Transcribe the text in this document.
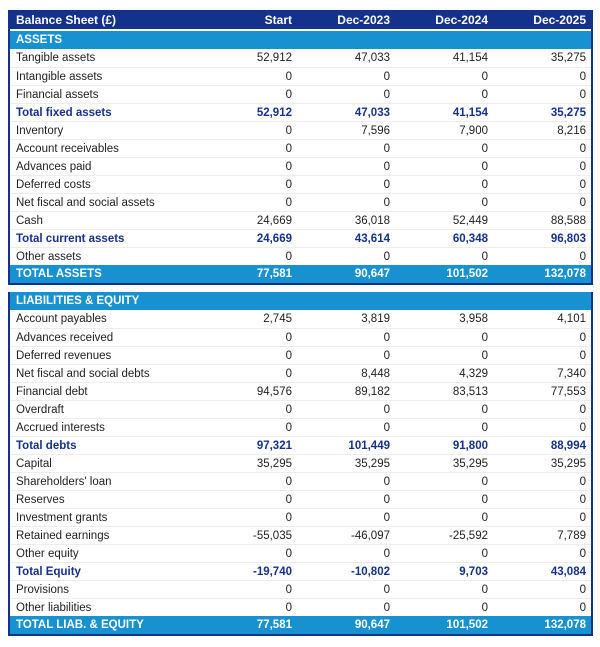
Balance Sheet (£)	Start	Dec-2023	Dec-2024	Dec-2025
ASSETS
Tangible assets	52,912	47,033	41,154	35,275
Intangible assets	0	0	0	0
Financial assets	0	0	0	0
Total fixed assets	52,912	47,033	41,154	35,275
Inventory	0	7,596	7,900	8,216
Account receivables	0	0	0	0
Advances paid	0	0	0	0
Deferred costs	0	0	0	0
Net fiscal and social assets	0	0	0	0
Cash	24,669	36,018	52,449	88,588
Total current assets	24,669	43,614	60,348	96,803
Other assets	0	0	0	0
TOTAL ASSETS	77,581	90,647	101,502	132,078
LIABILITIES & EQUITY
Account payables	2,745	3,819	3,958	4,101
Advances received	0	0	0	0
Deferred revenues	0	0	0	0
Net fiscal and social debts	0	8,448	4,329	7,340
Financial debt	94,576	89,182	83,513	77,553
Overdraft	0	0	0	0
Accrued interests	0	0	0	0
Total debts	97,321	101,449	91,800	88,994
Capital	35,295	35,295	35,295	35,295
Shareholders' loan	0	0	0	0
Reserves	0	0	0	0
Investment grants	0	0	0	0
Retained earnings	-55,035	-46,097	-25,592	7,789
Other equity	0	0	0	0
Total Equity	-19,740	-10,802	9,703	43,084
Provisions	0	0	0	0
Other liabilities	0	0	0	0
TOTAL LIAB. & EQUITY	77,581	90,647	101,502	132,078
